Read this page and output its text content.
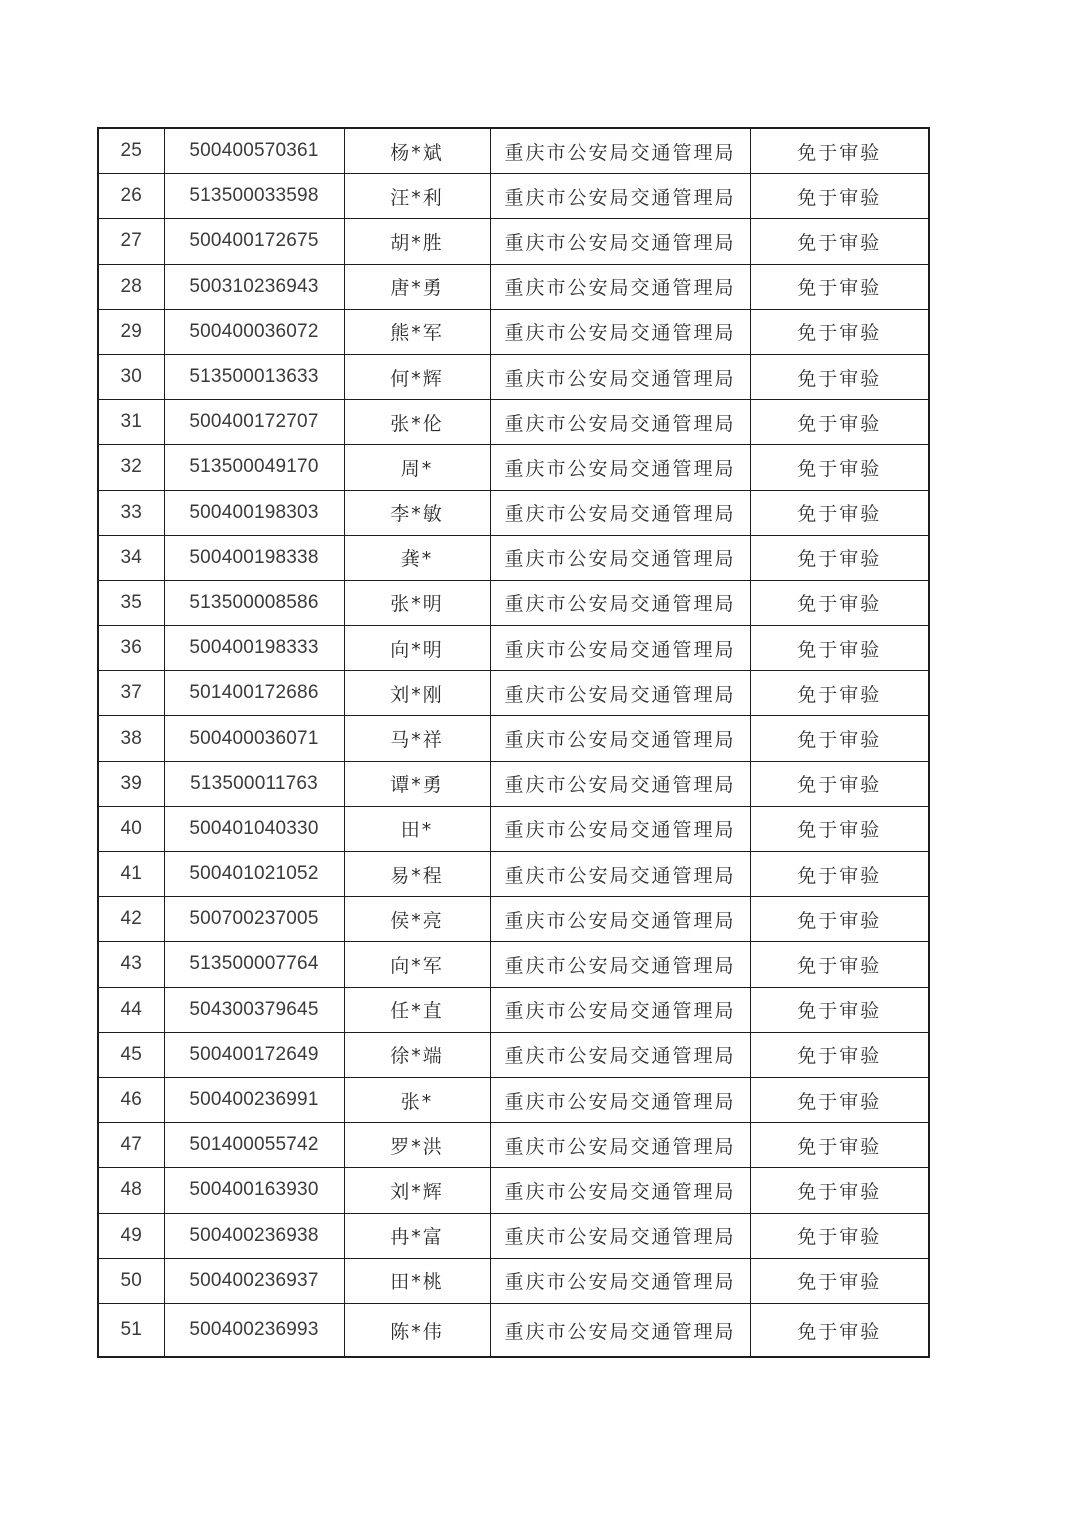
25	500400570361	杨*斌	重庆市公安局交通管理局	免于审验
26	513500033598	汪*利	重庆市公安局交通管理局	免于审验
27	500400172675	胡*胜	重庆市公安局交通管理局	免于审验
28	500310236943	唐*勇	重庆市公安局交通管理局	免于审验
29	500400036072	熊*军	重庆市公安局交通管理局	免于审验
30	513500013633	何*辉	重庆市公安局交通管理局	免于审验
31	500400172707	张*伦	重庆市公安局交通管理局	免于审验
32	513500049170	周*	重庆市公安局交通管理局	免于审验
33	500400198303	李*敏	重庆市公安局交通管理局	免于审验
34	500400198338	龚*	重庆市公安局交通管理局	免于审验
35	513500008586	张*明	重庆市公安局交通管理局	免于审验
36	500400198333	向*明	重庆市公安局交通管理局	免于审验
37	501400172686	刘*刚	重庆市公安局交通管理局	免于审验
38	500400036071	马*祥	重庆市公安局交通管理局	免于审验
39	513500011763	谭*勇	重庆市公安局交通管理局	免于审验
40	500401040330	田*	重庆市公安局交通管理局	免于审验
41	500401021052	易*程	重庆市公安局交通管理局	免于审验
42	500700237005	侯*亮	重庆市公安局交通管理局	免于审验
43	513500007764	向*军	重庆市公安局交通管理局	免于审验
44	504300379645	任*直	重庆市公安局交通管理局	免于审验
45	500400172649	徐*端	重庆市公安局交通管理局	免于审验
46	500400236991	张*	重庆市公安局交通管理局	免于审验
47	501400055742	罗*洪	重庆市公安局交通管理局	免于审验
48	500400163930	刘*辉	重庆市公安局交通管理局	免于审验
49	500400236938	冉*富	重庆市公安局交通管理局	免于审验
50	500400236937	田*桃	重庆市公安局交通管理局	免于审验
51	500400236993	陈*伟	重庆市公安局交通管理局	免于审验
